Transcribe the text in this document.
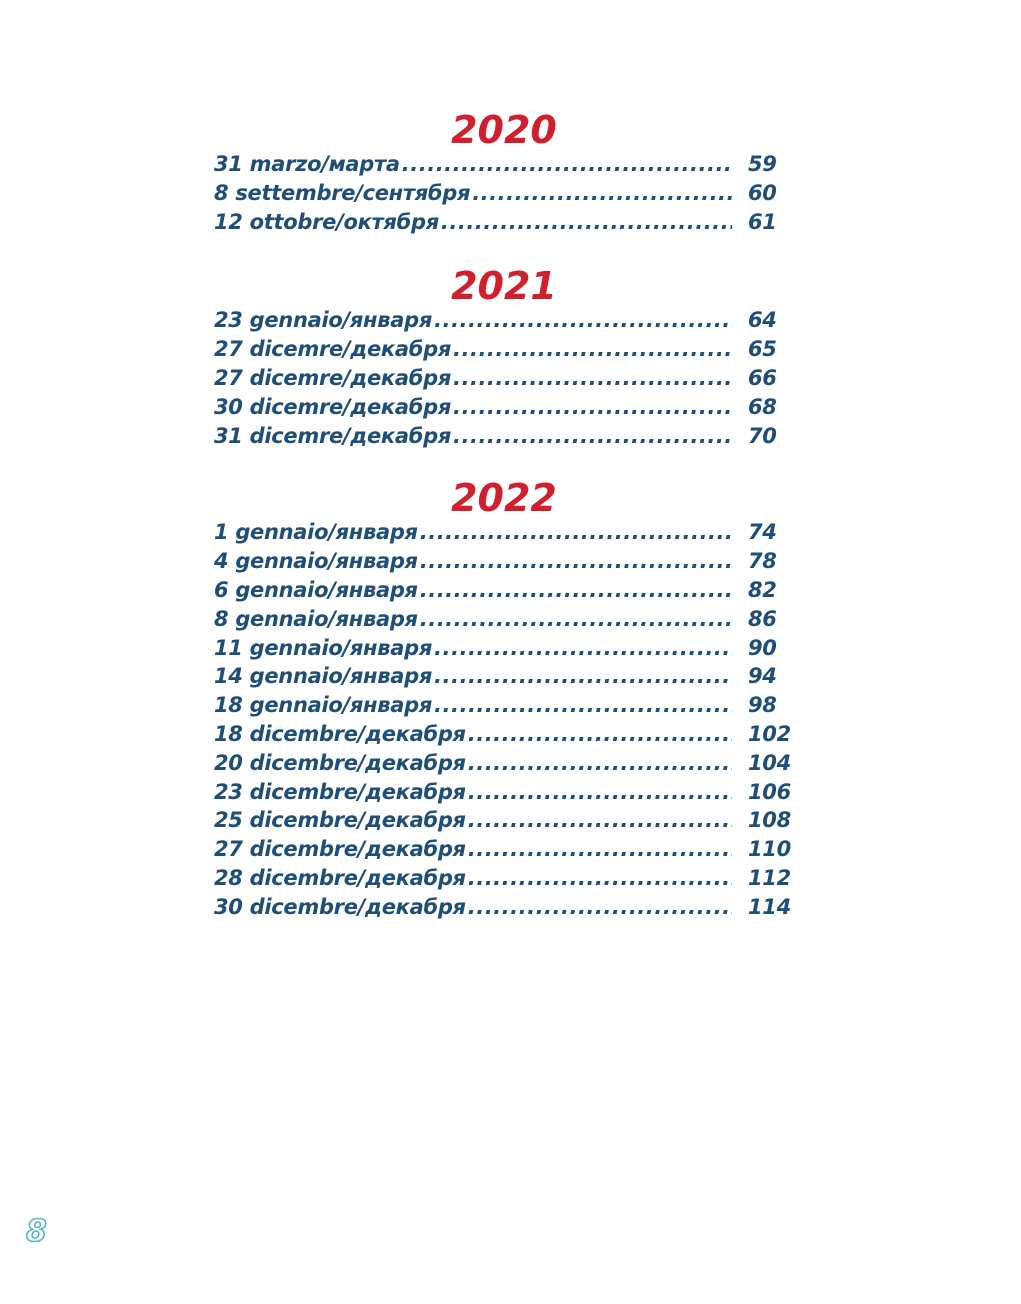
2020
31 marzo/марта .....	59
8 settembre/сентября .....	60
12 ottobre/октября .....	61
2021
23 gennaio/января .....	64
27 dicemre/декабря .....	65
27 dicemre/декабря .....	66
30 dicemre/декабря .....	68
31 dicemre/декабря .....	70
2022
1 gennaio/января .....	74
4 gennaio/января .....	78
6 gennaio/января .....	82
8 gennaio/января .....	86
11 gennaio/января .....	90
14 gennaio/января .....	94
18 gennaio/января .....	98
18 dicembre/декабря .....	102
20 dicembre/декабря .....	104
23 dicembre/декабря .....	106
25 dicembre/декабря .....	108
27 dicembre/декабря .....	110
28 dicembre/декабря .....	112
30 dicembre/декабря .....	114
8
